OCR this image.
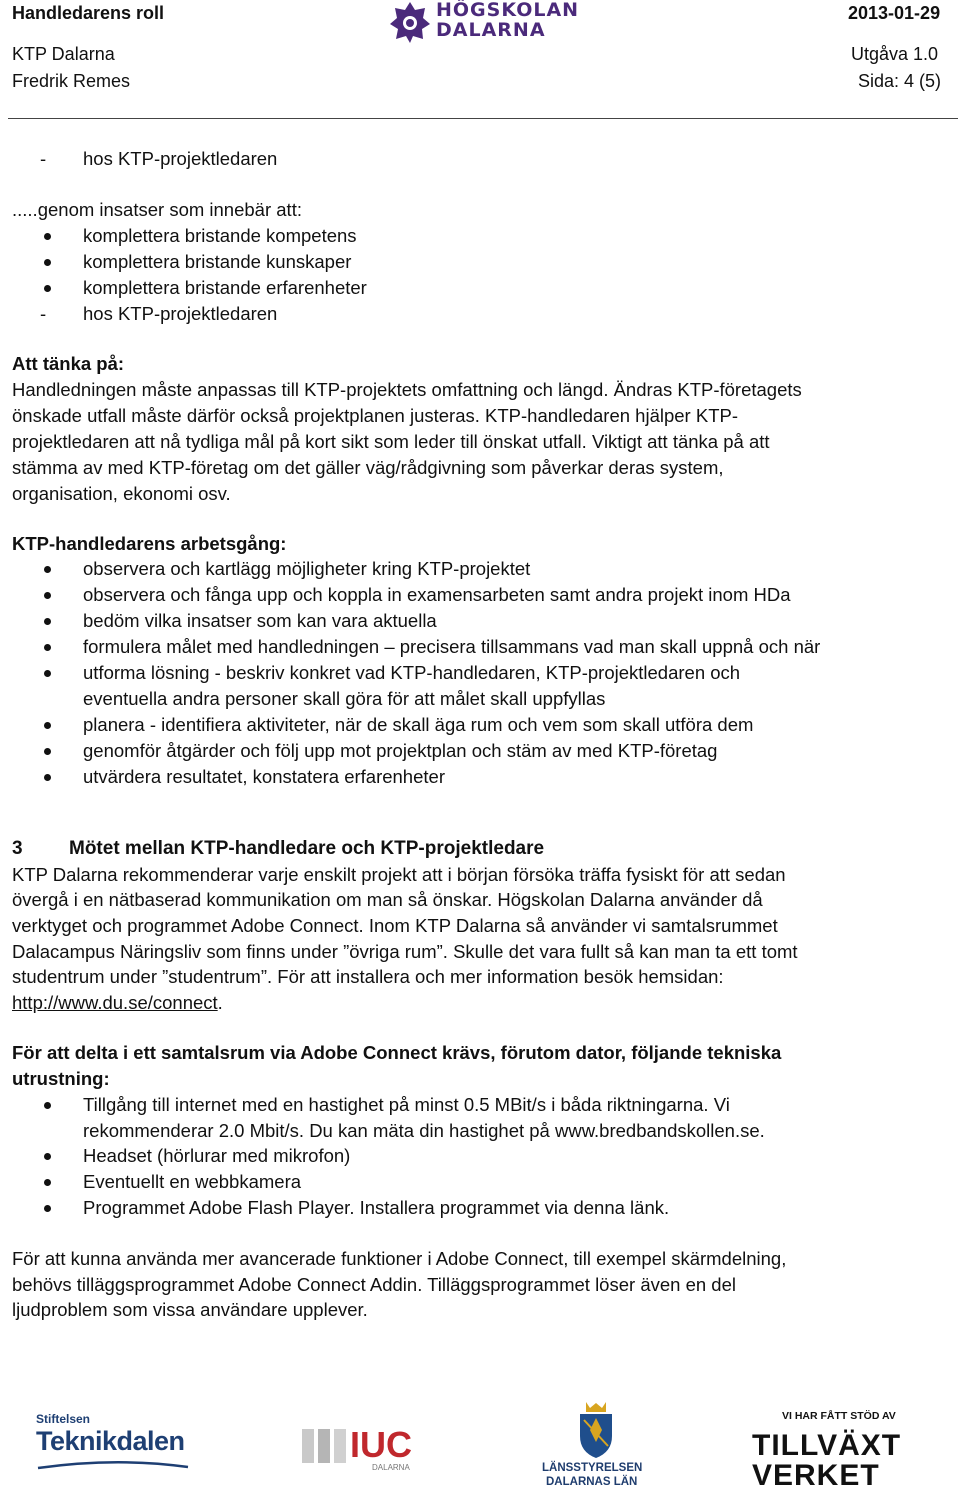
Handledarens roll	2013-01-29
KTP Dalarna	Utgåva 1.0
Fredrik Remes	Sida: 4 (5)
HÖGSKOLAN
DALARNA
- hos KTP-projektledaren
.....genom insatser som innebär att:
komplettera bristande kompetens
komplettera bristande kunskaper
komplettera bristande erfarenheter
- hos KTP-projektledaren
Att tänka på:
Handledningen måste anpassas till KTP-projektets omfattning och längd. Ändras KTP-företagets
önskade utfall måste därför också projektplanen justeras. KTP-handledaren hjälper KTP-
projektledaren att nå tydliga mål på kort sikt som leder till önskat utfall. Viktigt att tänka på att
stämma av med KTP-företag om det gäller väg/rådgivning som påverkar deras system,
organisation, ekonomi osv.
KTP-handledarens arbetsgång:
observera och kartlägg möjligheter kring KTP-projektet
observera och fånga upp och koppla in examensarbeten samt andra projekt inom HDa
bedöm vilka insatser som kan vara aktuella
formulera målet med handledningen – precisera tillsammans vad man skall uppnå och när
utforma lösning - beskriv konkret vad KTP-handledaren, KTP-projektledaren och
eventuella andra personer skall göra för att målet skall uppfyllas
planera - identifiera aktiviteter, när de skall äga rum och vem som skall utföra dem
genomför åtgärder och följ upp mot projektplan och stäm av med KTP-företag
utvärdera resultatet, konstatera erfarenheter
3 Mötet mellan KTP-handledare och KTP-projektledare
KTP Dalarna rekommenderar varje enskilt projekt att i början försöka träffa fysiskt för att sedan
övergå i en nätbaserad kommunikation om man så önskar. Högskolan Dalarna använder då
verktyget och programmet Adobe Connect. Inom KTP Dalarna så använder vi samtalsrummet
Dalacampus Näringsliv som finns under ”övriga rum”. Skulle det vara fullt så kan man ta ett tomt
studentrum under ”studentrum”. För att installera och mer information besök hemsidan:
http://www.du.se/connect.
För att delta i ett samtalsrum via Adobe Connect krävs, förutom dator, följande tekniska
utrustning:
Tillgång till internet med en hastighet på minst 0.5 MBit/s i båda riktningarna. Vi
rekommenderar 2.0 Mbit/s. Du kan mäta din hastighet på www.bredbandskollen.se.
Headset (hörlurar med mikrofon)
Eventuellt en webbkamera
Programmet Adobe Flash Player. Installera programmet via denna länk.
För att kunna använda mer avancerade funktioner i Adobe Connect, till exempel skärmdelning,
behövs tilläggsprogrammet Adobe Connect Addin. Tilläggsprogrammet löser även en del
ljudproblem som vissa användare upplever.
Stiftelsen
Teknikdalen	IUC
DALARNA	LÄNSSTYRELSEN
DALARNAS LÄN
VI HAR FÅTT STÖD AV
TILLVÄXT
VERKET
